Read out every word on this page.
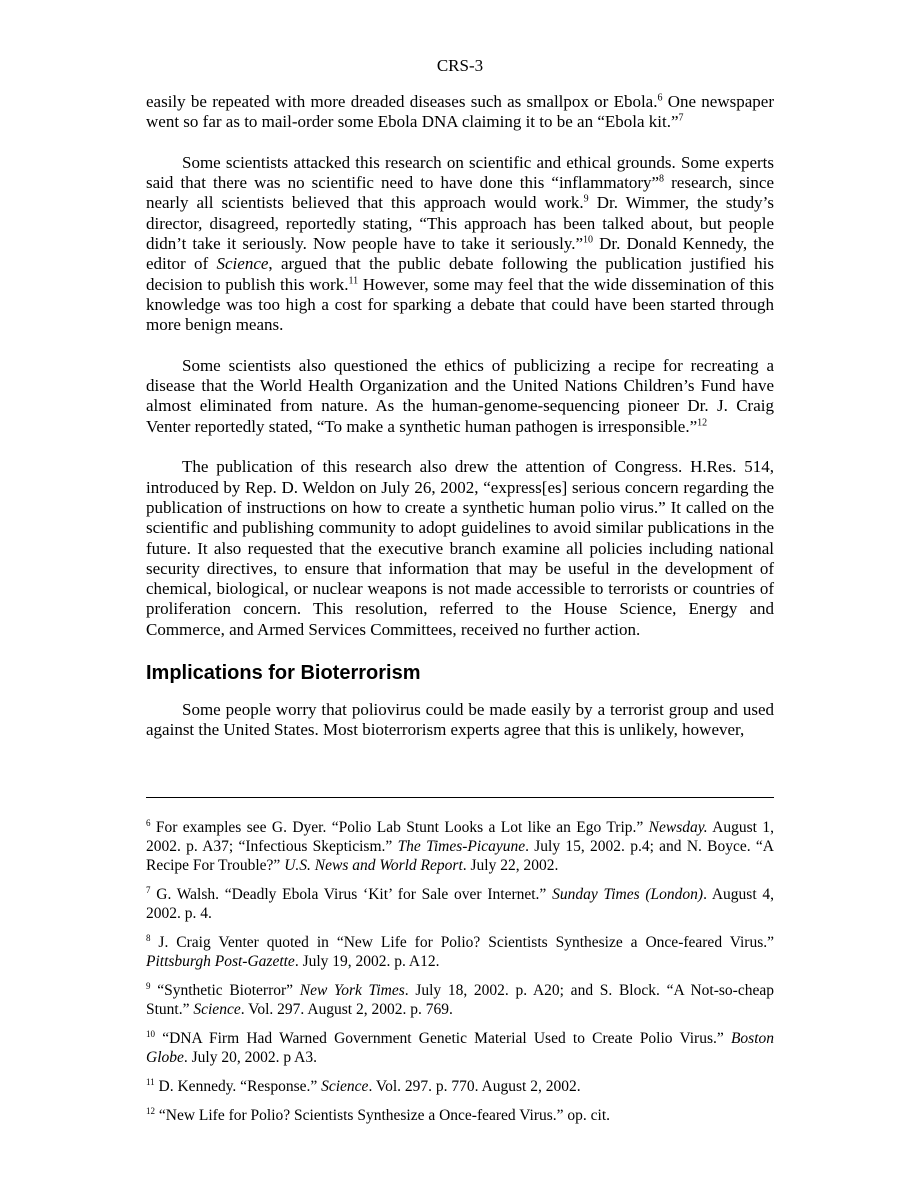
CRS-3

easily be repeated with more dreaded diseases such as smallpox or Ebola.$^6$ One newspaper went so far as to mail-order some Ebola DNA claiming it to be an “Ebola kit.”$^7$

Some scientists attacked this research on scientific and ethical grounds. Some experts said that there was no scientific need to have done this “inflammatory”$^8$ research, since nearly all scientists believed that this approach would work.$^9$ Dr. Wimmer, the study’s director, disagreed, reportedly stating, “This approach has been talked about, but people didn’t take it seriously. Now people have to take it seriously.”$^{10}$ Dr. Donald Kennedy, the editor of Science, argued that the public debate following the publication justified his decision to publish this work.$^{11}$ However, some may feel that the wide dissemination of this knowledge was too high a cost for sparking a debate that could have been started through more benign means.

Some scientists also questioned the ethics of publicizing a recipe for recreating a disease that the World Health Organization and the United Nations Children’s Fund have almost eliminated from nature. As the human-genome-sequencing pioneer Dr. J. Craig Venter reportedly stated, “To make a synthetic human pathogen is irresponsible.”$^{12}$

The publication of this research also drew the attention of Congress. H.Res. 514, introduced by Rep. D. Weldon on July 26, 2002, “express[es] serious concern regarding the publication of instructions on how to create a synthetic human polio virus.” It called on the scientific and publishing community to adopt guidelines to avoid similar publications in the future. It also requested that the executive branch examine all policies including national security directives, to ensure that information that may be useful in the development of chemical, biological, or nuclear weapons is not made accessible to terrorists or countries of proliferation concern. This resolution, referred to the House Science, Energy and Commerce, and Armed Services Committees, received no further action.

Implications for Bioterrorism

Some people worry that poliovirus could be made easily by a terrorist group and used against the United States. Most bioterrorism experts agree that this is unlikely, however,

$^6$ For examples see G. Dyer. “Polio Lab Stunt Looks a Lot like an Ego Trip.” Newsday. August 1, 2002. p. A37; “Infectious Skepticism.” The Times-Picayune. July 15, 2002. p.4; and N. Boyce. “A Recipe For Trouble?” U.S. News and World Report. July 22, 2002.
$^7$ G. Walsh. “Deadly Ebola Virus ‘Kit’ for Sale over Internet.” Sunday Times (London). August 4, 2002. p. 4.
$^8$ J. Craig Venter quoted in “New Life for Polio? Scientists Synthesize a Once-feared Virus.” Pittsburgh Post-Gazette. July 19, 2002. p. A12.
$^9$ “Synthetic Bioterror” New York Times. July 18, 2002. p. A20; and S. Block. “A Not-so-cheap Stunt.” Science. Vol. 297. August 2, 2002. p. 769.
$^{10}$ “DNA Firm Had Warned Government Genetic Material Used to Create Polio Virus.” Boston Globe. July 20, 2002. p A3.
$^{11}$ D. Kennedy. “Response.” Science. Vol. 297. p. 770. August 2, 2002.
$^{12}$ “New Life for Polio? Scientists Synthesize a Once-feared Virus.” op. cit.
